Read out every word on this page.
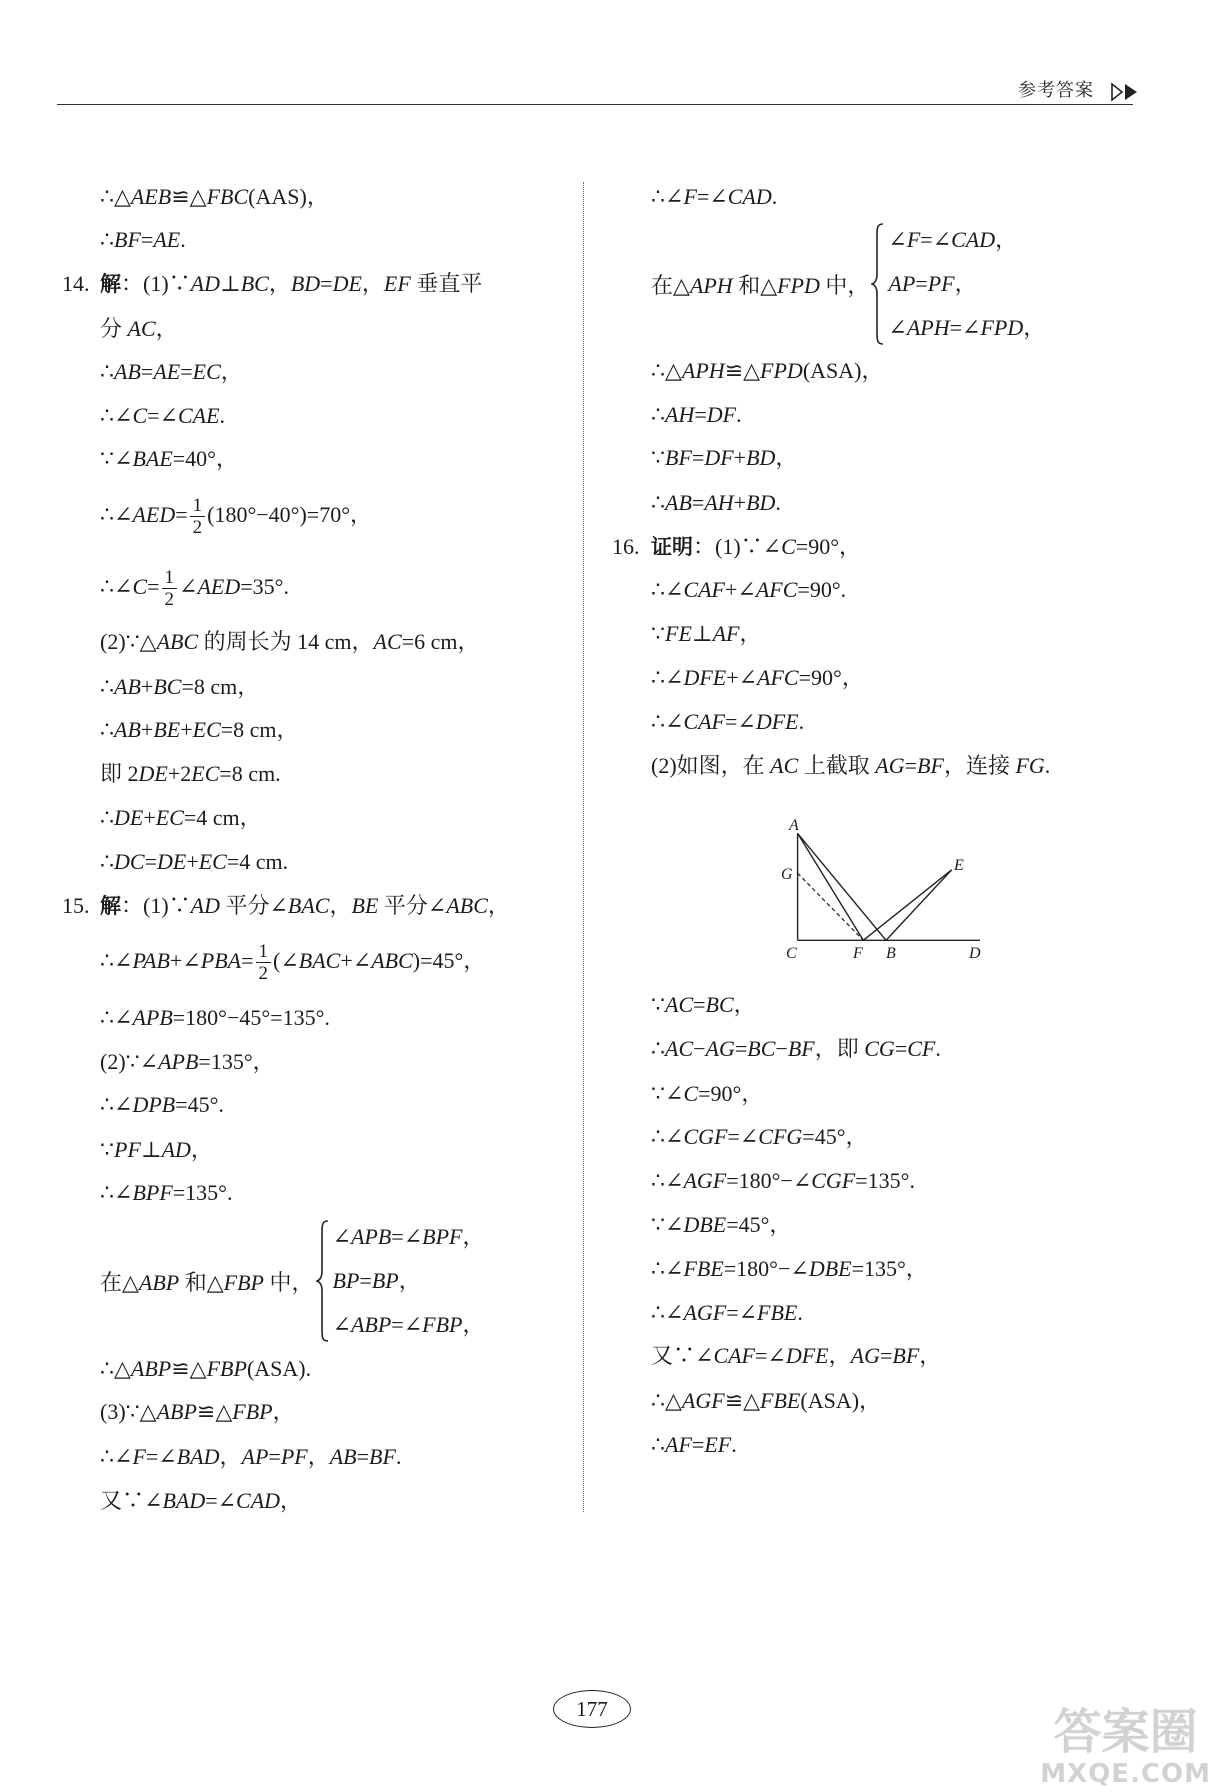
参考答案
∴△AEB≌△FBC(AAS)，
∴BF=AE.
14. 解：(1)∵AD⊥BC，BD=DE，EF 垂直平
分 AC，
∴AB=AE=EC，
∴∠C=∠CAE.
∵∠BAE=40°，
∴∠AED= $\frac{1}{2} (180^\circ-40^\circ)=70^\circ$，
∴∠C= $\frac{1}{2}$ ∠AED=35°.
(2)∵△ABC 的周长为 14 cm，AC=6 cm，
∴AB+BC=8 cm，
∴AB+BE+EC=8 cm，
即 2DE+2EC=8 cm.
∴DE+EC=4 cm，
∴DC=DE+EC=4 cm.
15. 解：(1)∵AD 平分∠BAC，BE 平分∠ABC，
∴∠PAB+∠PBA= $\frac{1}{2}$ (∠BAC+∠ABC)=45°，
∴∠APB=180°−45°=135°.
(2)∵∠APB=135°，
∴∠DPB=45°.
∵PF⊥AD，
∴∠BPF=135°.
在△ABP 和△FBP 中，
∠APB=∠BPF，
BP=BP，
∠ABP=∠FBP，
∴△ABP≌△FBP(ASA).
(3)∵△ABP≌△FBP，
∴∠F=∠BAD，AP=PF，AB=BF.
又∵∠BAD=∠CAD，
∴∠F=∠CAD.
在△APH 和△FPD 中，
∠F=∠CAD，
AP=PF，
∠APH=∠FPD，
∴△APH≌△FPD(ASA)，
∴AH=DF.
∵BF=DF+BD，
∴AB=AH+BD.
16. 证明：(1)∵∠C=90°，
∴∠CAF+∠AFC=90°.
∵FE⊥AF，
∴∠DFE+∠AFC=90°，
∴∠CAF=∠DFE.
(2)如图，在 AC 上截取 AG=BF，连接 FG.
A
G
C	F B	D
E
∵AC=BC，
∴AC−AG=BC−BF，即 CG=CF.
∵∠C=90°，
∴∠CGF=∠CFG=45°，
∴∠AGF=180°−∠CGF=135°.
∵∠DBE=45°，
∴∠FBE=180°−∠DBE=135°，
∴∠AGF=∠FBE.
又∵∠CAF=∠DFE，AG=BF，
∴△AGF≌△FBE(ASA)，
∴AF=EF.
177	答案圈
MXQE.COM
